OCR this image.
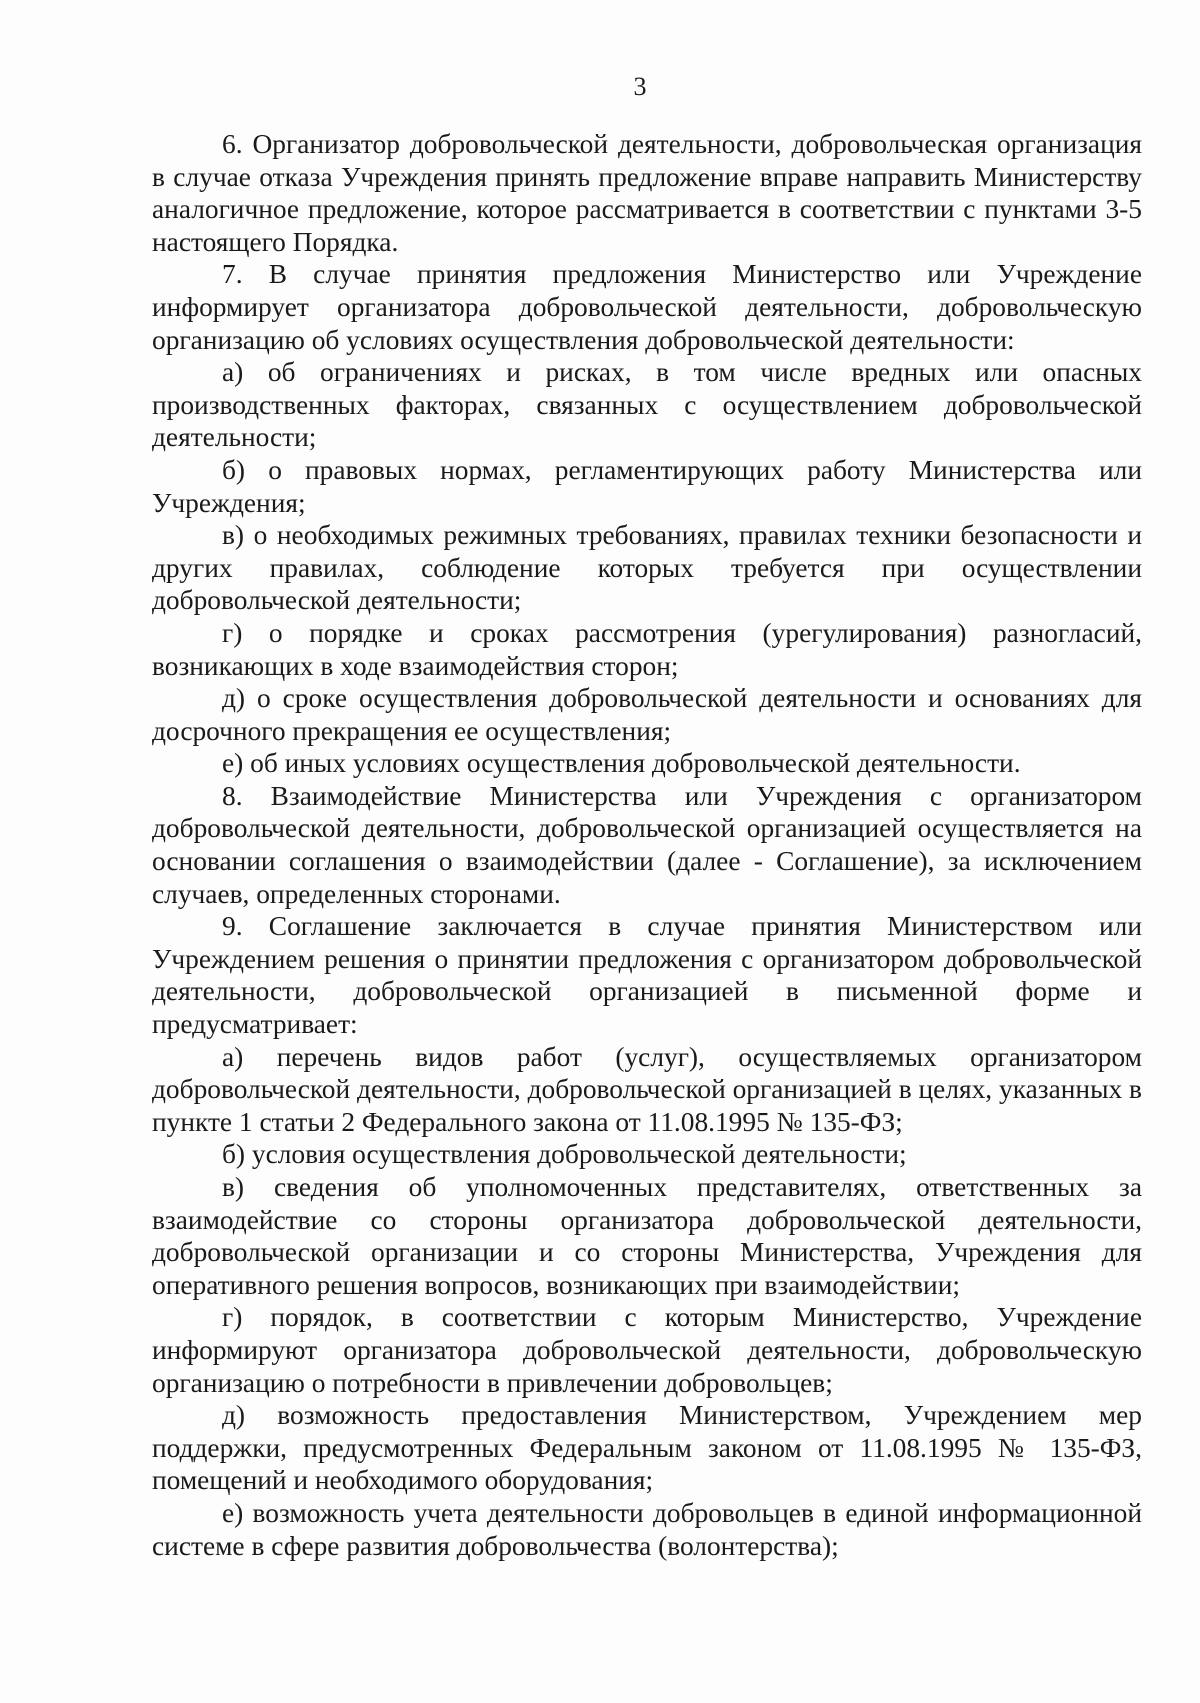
3

6. Организатор добровольческой деятельности, добровольческая организация в случае отказа Учреждения принять предложение вправе направить Министерству аналогичное предложение, которое рассматривается в соответствии с пунктами 3-5 настоящего Порядка.

7. В случае принятия предложения Министерство или Учреждение информирует организатора добровольческой деятельности, добровольческую организацию об условиях осуществления добровольческой деятельности:

а) об ограничениях и рисках, в том числе вредных или опасных производственных факторах, связанных с осуществлением добровольческой деятельности;

б) о правовых нормах, регламентирующих работу Министерства или Учреждения;

в) о необходимых режимных требованиях, правилах техники безопасности и других правилах, соблюдение которых требуется при осуществлении добровольческой деятельности;

г) о порядке и сроках рассмотрения (урегулирования) разногласий, возникающих в ходе взаимодействия сторон;

д) о сроке осуществления добровольческой деятельности и основаниях для досрочного прекращения ее осуществления;

е) об иных условиях осуществления добровольческой деятельности.

8. Взаимодействие Министерства или Учреждения с организатором добровольческой деятельности, добровольческой организацией осуществляется на основании соглашения о взаимодействии (далее - Соглашение), за исключением случаев, определенных сторонами.

9. Соглашение заключается в случае принятия Министерством или Учреждением решения о принятии предложения с организатором добровольческой деятельности, добровольческой организацией в письменной форме и предусматривает:

а) перечень видов работ (услуг), осуществляемых организатором добровольческой деятельности, добровольческой организацией в целях, указанных в пункте 1 статьи 2 Федерального закона от 11.08.1995 № 135-ФЗ;

б) условия осуществления добровольческой деятельности;

в) сведения об уполномоченных представителях, ответственных за взаимодействие со стороны организатора добровольческой деятельности, добровольческой организации и со стороны Министерства, Учреждения для оперативного решения вопросов, возникающих при взаимодействии;

г) порядок, в соответствии с которым Министерство, Учреждение информируют организатора добровольческой деятельности, добровольческую организацию о потребности в привлечении добровольцев;

д) возможность предоставления Министерством, Учреждением мер поддержки, предусмотренных Федеральным законом от 11.08.1995 № 135-ФЗ, помещений и необходимого оборудования;

е) возможность учета деятельности добровольцев в единой информационной системе в сфере развития добровольчества (волонтерства);
